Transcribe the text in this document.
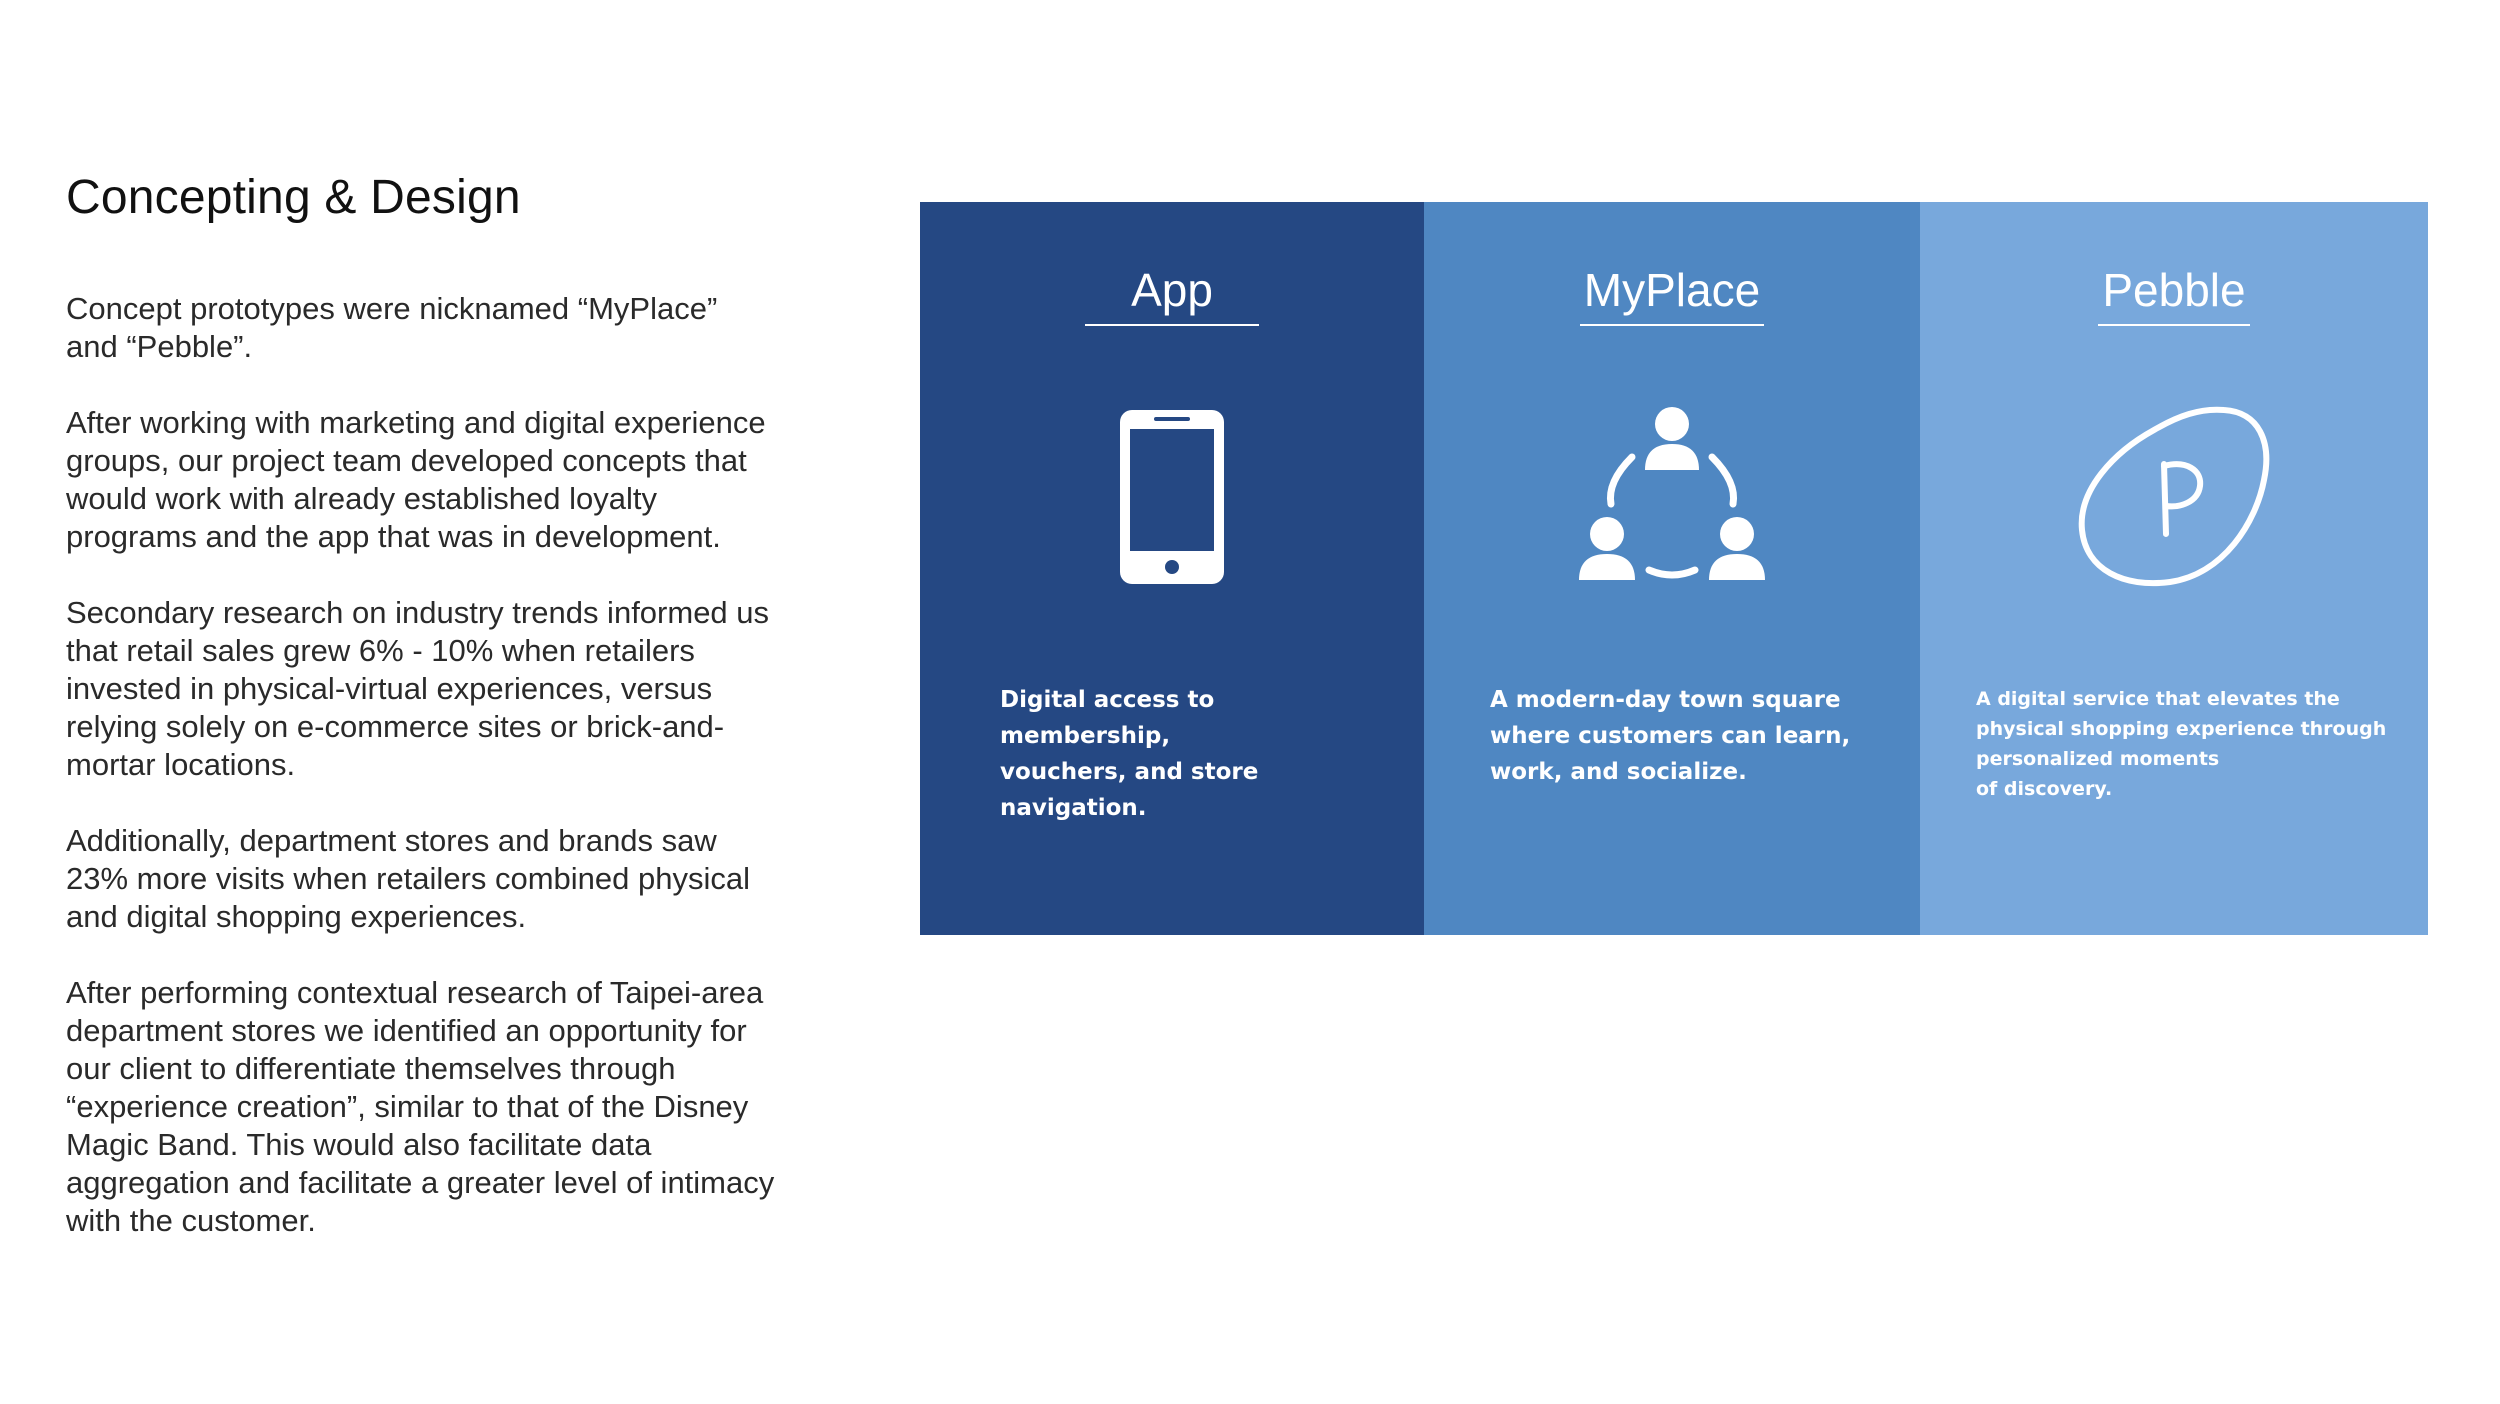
Concepting & Design

Concept prototypes were nicknamed “MyPlace”
and “Pebble”.

After working with marketing and digital experience
groups, our project team developed concepts that
would work with already established loyalty
programs and the app that was in development.

Secondary research on industry trends informed us
that retail sales grew 6% - 10% when retailers
invested in physical-virtual experiences, versus
relying solely on e-commerce sites or brick-and-
mortar locations.

Additionally, department stores and brands saw
23% more visits when retailers combined physical
and digital shopping experiences.

After performing contextual research of Taipei-area
department stores we identified an opportunity for
our client to differentiate themselves through
“experience creation”, similar to that of the Disney
Magic Band. This would also facilitate data
aggregation and facilitate a greater level of intimacy
with the customer.

App
Digital access to membership,
vouchers, and store
navigation.
MyPlace
A modern-day town square
where customers can learn,
work, and socialize.
Pebble
A digital service that elevates the
physical shopping experience through
personalized moments
of discovery.
